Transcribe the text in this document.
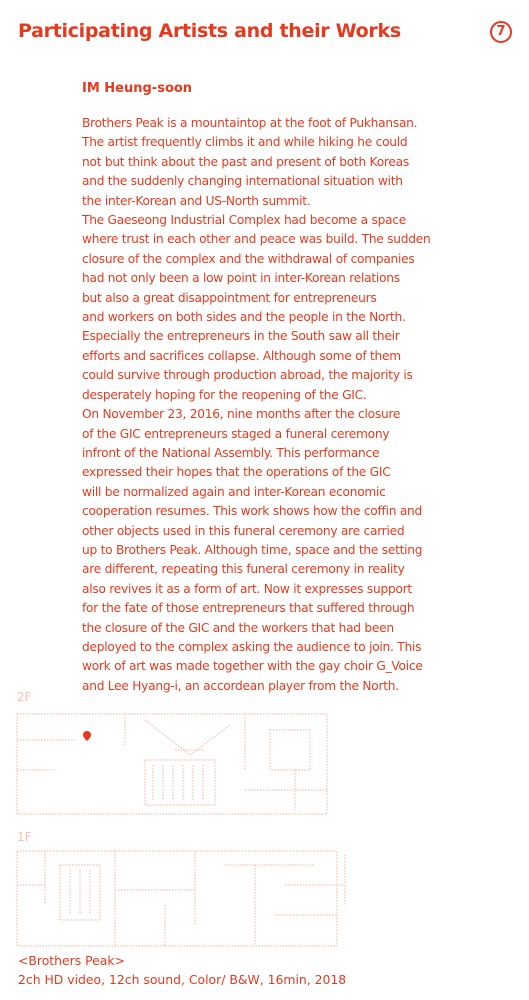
Participating Artists and their Works	7
IM Heung-soon
Brothers Peak is a mountaintop at the foot of Pukhansan.
The artist frequently climbs it and while hiking he could
not but think about the past and present of both Koreas
and the suddenly changing international situation with
the inter-Korean and US-North summit.
The Gaeseong Industrial Complex had become a space
where trust in each other and peace was build. The sudden
closure of the complex and the withdrawal of companies
had not only been a low point in inter-Korean relations
but also a great disappointment for entrepreneurs
and workers on both sides and the people in the North.
Especially the entrepreneurs in the South saw all their
efforts and sacrifices collapse. Although some of them
could survive through production abroad, the majority is
desperately hoping for the reopening of the GIC.
On November 23, 2016, nine months after the closure
of the GIC entrepreneurs staged a funeral ceremony
infront of the National Assembly. This performance
expressed their hopes that the operations of the GIC
will be normalized again and inter-Korean economic
cooperation resumes. This work shows how the coffin and
other objects used in this funeral ceremony are carried
up to Brothers Peak. Although time, space and the setting
are different, repeating this funeral ceremony in reality
also revives it as a form of art. Now it expresses support
for the fate of those entrepreneurs that suffered through
the closure of the GIC and the workers that had been
deployed to the complex asking the audience to join. This
work of art was made together with the gay choir G_Voice
and Lee Hyang-i, an accordean player from the North.
2F
1F
<Brothers Peak>
2ch HD video, 12ch sound, Color/ B&W, 16min, 2018
